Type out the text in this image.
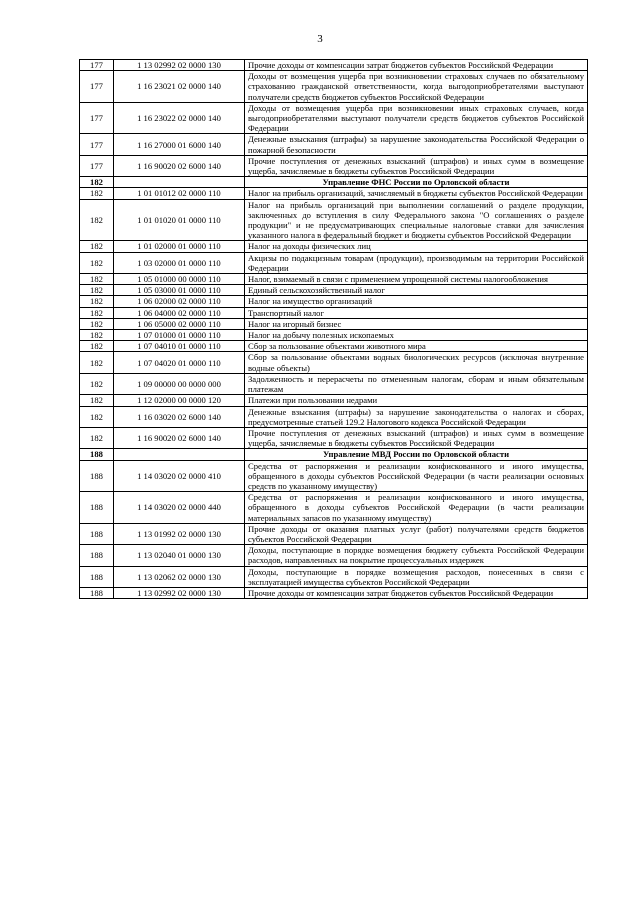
3
177	1 13 02992 02 0000 130	Прочие доходы от компенсации затрат бюджетов субъектов Российской Федерации
177	1 16 23021 02 0000 140	Доходы от возмещения ущерба при возникновении страховых случаев по обязательному страхованию гражданской ответственности, когда выгодоприобретателями выступают получатели средств бюджетов субъектов Российской Федерации
177	1 16 23022 02 0000 140	Доходы от возмещения ущерба при возникновении иных страховых случаев, когда выгодоприобретателями выступают получатели средств бюджетов субъектов Российской Федерации
177	1 16 27000 01 6000 140	Денежные взыскания (штрафы) за нарушение законодательства Российской Федерации о пожарной безопасности
177	1 16 90020 02 6000 140	Прочие поступления от денежных взысканий (штрафов) и иных сумм в возмещение ущерба, зачисляемые в бюджеты субъектов Российской Федерации
182		Управление ФНС России по Орловской области
182	1 01 01012 02 0000 110	Налог на прибыль организаций, зачисляемый в бюджеты субъектов Российской Федерации
182	1 01 01020 01 0000 110	Налог на прибыль организаций при выполнении соглашений о разделе продукции, заключенных до вступления в силу Федерального закона "О соглашениях о разделе продукции" и не предусматривающих специальные налоговые ставки для зачисления указанного налога в федеральный бюджет и бюджеты субъектов Российской Федерации
182	1 01 02000 01 0000 110	Налог на доходы физических лиц
182	1 03 02000 01 0000 110	Акцизы по подакцизным товарам (продукции), производимым на территории Российской Федерации
182	1 05 01000 00 0000 110	Налог, взимаемый в связи с применением упрощенной системы налогообложения
182	1 05 03000 01 0000 110	Единый сельскохозяйственный налог
182	1 06 02000 02 0000 110	Налог на имущество организаций
182	1 06 04000 02 0000 110	Транспортный налог
182	1 06 05000 02 0000 110	Налог на игорный бизнес
182	1 07 01000 01 0000 110	Налог на добычу полезных ископаемых
182	1 07 04010 01 0000 110	Сбор за пользование объектами животного мира
182	1 07 04020 01 0000 110	Сбор за пользование объектами водных биологических ресурсов (исключая внутренние водные объекты)
182	1 09 00000 00 0000 000	Задолженность и перерасчеты по отмененным налогам, сборам и иным обязательным платежам
182	1 12 02000 00 0000 120	Платежи при пользовании недрами
182	1 16 03020 02 6000 140	Денежные взыскания (штрафы) за нарушение законодательства о налогах и сборах, предусмотренные статьей 129.2 Налогового кодекса Российской Федерации
182	1 16 90020 02 6000 140	Прочие поступления от денежных взысканий (штрафов) и иных сумм в возмещение ущерба, зачисляемые в бюджеты субъектов Российской Федерации
188		Управление МВД России по Орловской области
188	1 14 03020 02 0000 410	Средства от распоряжения и реализации конфискованного и иного имущества, обращенного в доходы субъектов Российской Федерации (в части реализации основных средств по указанному имуществу)
188	1 14 03020 02 0000 440	Средства от распоряжения и реализации конфискованного и иного имущества, обращенного в доходы субъектов Российской Федерации (в части реализации материальных запасов по указанному имуществу)
188	1 13 01992 02 0000 130	Прочие доходы от оказания платных услуг (работ) получателями средств бюджетов субъектов Российской Федерации
188	1 13 02040 01 0000 130	Доходы, поступающие в порядке возмещения бюджету субъекта Российской Федерации расходов, направленных на покрытие процессуальных издержек
188	1 13 02062 02 0000 130	Доходы, поступающие в порядке возмещения расходов, понесенных в связи с эксплуатацией имущества субъектов Российской Федерации
188	1 13 02992 02 0000 130	Прочие доходы от компенсации затрат бюджетов субъектов Российской Федерации
